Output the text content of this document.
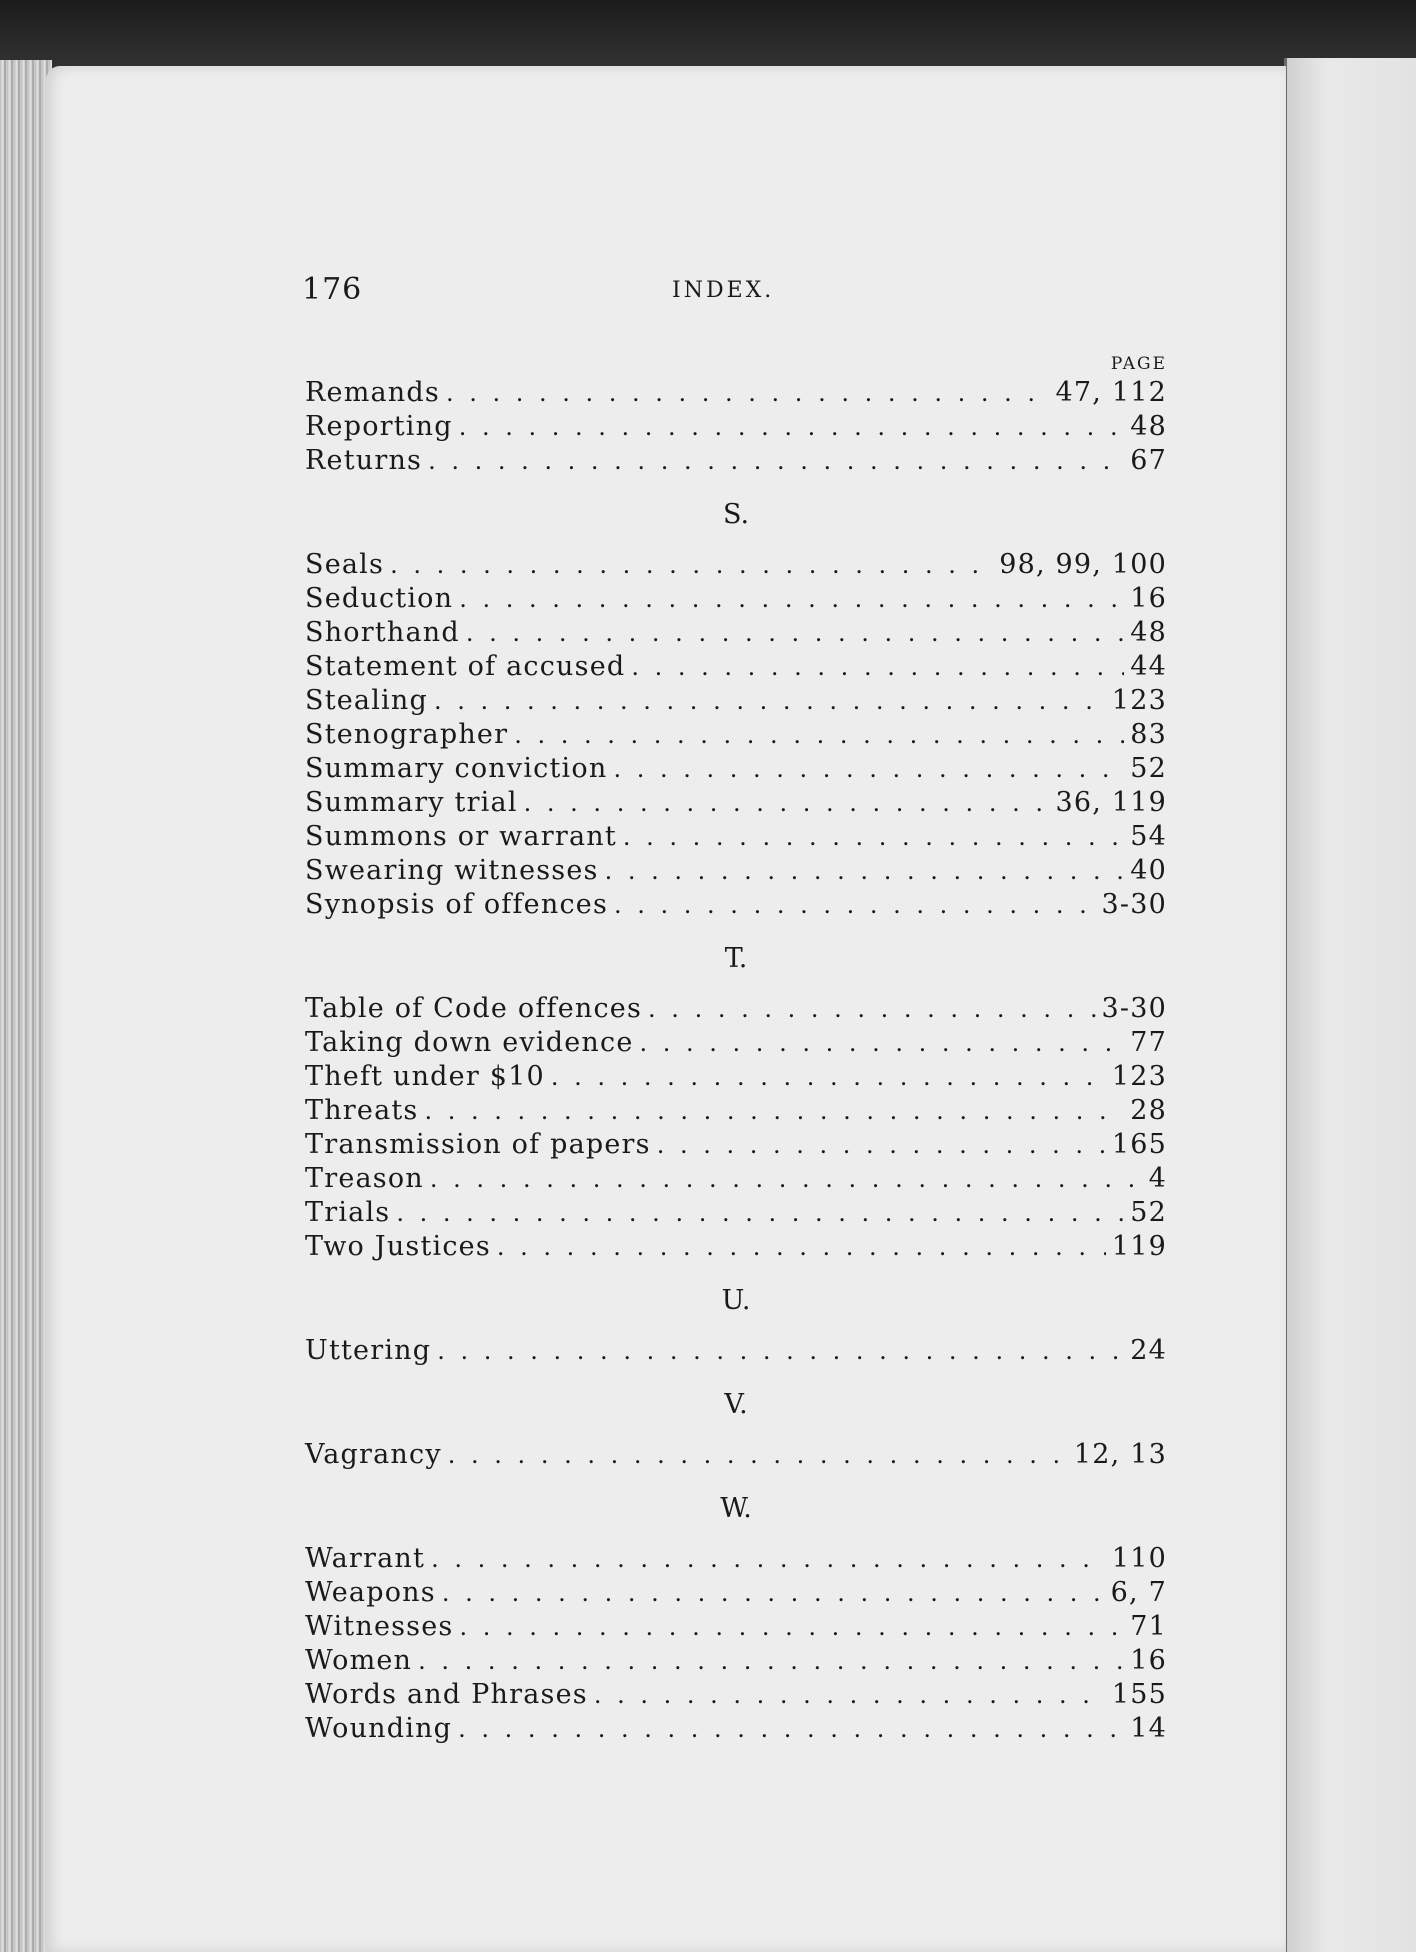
176	INDEX.
PAGE
Remands . . .	47, 112
Reporting . . .	48
Returns . . .	67
S.
Seals . . .	98, 99, 100
Seduction . . .	16
Shorthand . . .	48
Statement of accused . . .	44
Stealing . . .	123
Stenographer . . .	83
Summary conviction . . .	52
Summary trial . . .	36, 119
Summons or warrant . . .	54
Swearing witnesses . . .	40
Synopsis of offences . . .	3-30
T.
Table of Code offences . . .	3-30
Taking down evidence . . .	77
Theft under $10 . . .	123
Threats . . .	28
Transmission of papers . . .	165
Treason . . .	4
Trials . . .	52
Two Justices . . .	119
U.
Uttering . . .	24
V.
Vagrancy . . .	12, 13
W.
Warrant . . .	110
Weapons . . .	6, 7
Witnesses . . .	71
Women . . .	16
Words and Phrases . . .	155
Wounding . . .	14
